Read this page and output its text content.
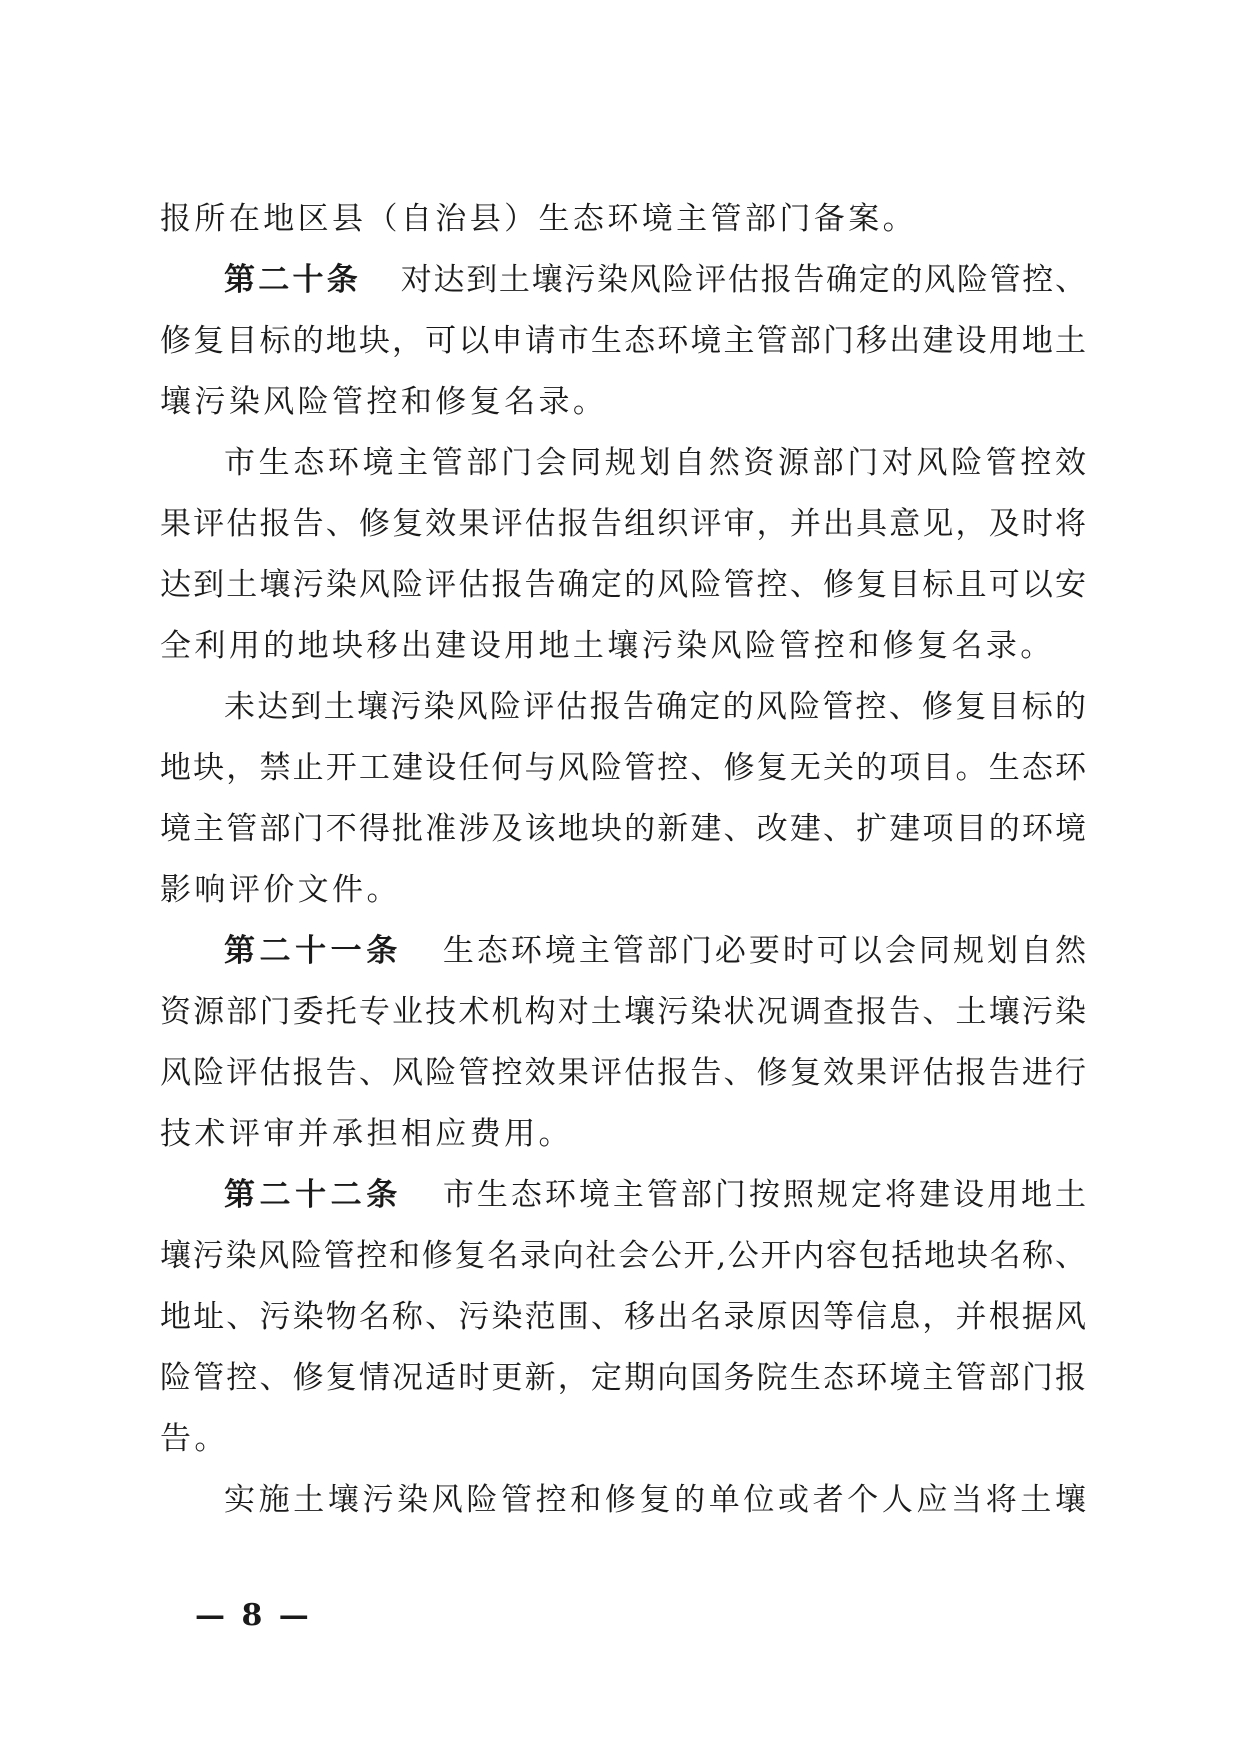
报所在地区县（自治县）生态环境主管部门备案。
第二十条 对达到土壤污染风险评估报告确定的风险管控、
修复目标的地块，可以申请市生态环境主管部门移出建设用地土
壤污染风险管控和修复名录。
市生态环境主管部门会同规划自然资源部门对风险管控效
果评估报告、修复效果评估报告组织评审，并出具意见，及时将
达到土壤污染风险评估报告确定的风险管控、修复目标且可以安
全利用的地块移出建设用地土壤污染风险管控和修复名录。
未达到土壤污染风险评估报告确定的风险管控、修复目标的
地块，禁止开工建设任何与风险管控、修复无关的项目。生态环
境主管部门不得批准涉及该地块的新建、改建、扩建项目的环境
影响评价文件。
第二十一条 生态环境主管部门必要时可以会同规划自然
资源部门委托专业技术机构对土壤污染状况调查报告、土壤污染
风险评估报告、风险管控效果评估报告、修复效果评估报告进行
技术评审并承担相应费用。
第二十二条 市生态环境主管部门按照规定将建设用地土
壤污染风险管控和修复名录向社会公开,公开内容包括地块名称、
地址、污染物名称、污染范围、移出名录原因等信息，并根据风
险管控、修复情况适时更新，定期向国务院生态环境主管部门报
告。
实施土壤污染风险管控和修复的单位或者个人应当将土壤
— 8 —
